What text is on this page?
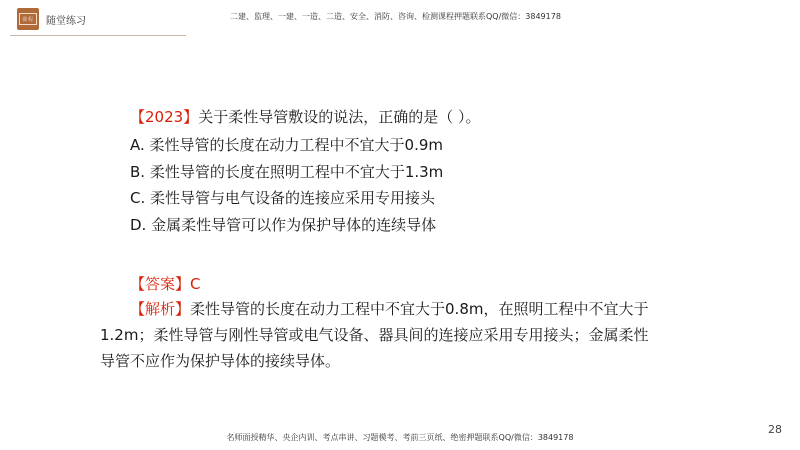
课程	随堂练习	二建、监理、一建、一造、二造、安全、消防、咨询、检测课程押题联系QQ/微信：3849178
【2023】关于柔性导管敷设的说法，正确的是（ ）。
A. 柔性导管的长度在动力工程中不宜大于0.9m
B. 柔性导管的长度在照明工程中不宜大于1.3m
C. 柔性导管与电气设备的连接应采用专用接头
D. 金属柔性导管可以作为保护导体的连续导体
【答案】C
【解析】柔性导管的长度在动力工程中不宜大于0.8m，在照明工程中不宜大于1.2m；柔性导管与刚性导管或电气设备、器具间的连接应采用专用接头；金属柔性导管不应作为保护导体的接续导体。
名师面授精华、央企内训、考点串讲、习题模考、考前三页纸、绝密押题联系QQ/微信：3849178
28
